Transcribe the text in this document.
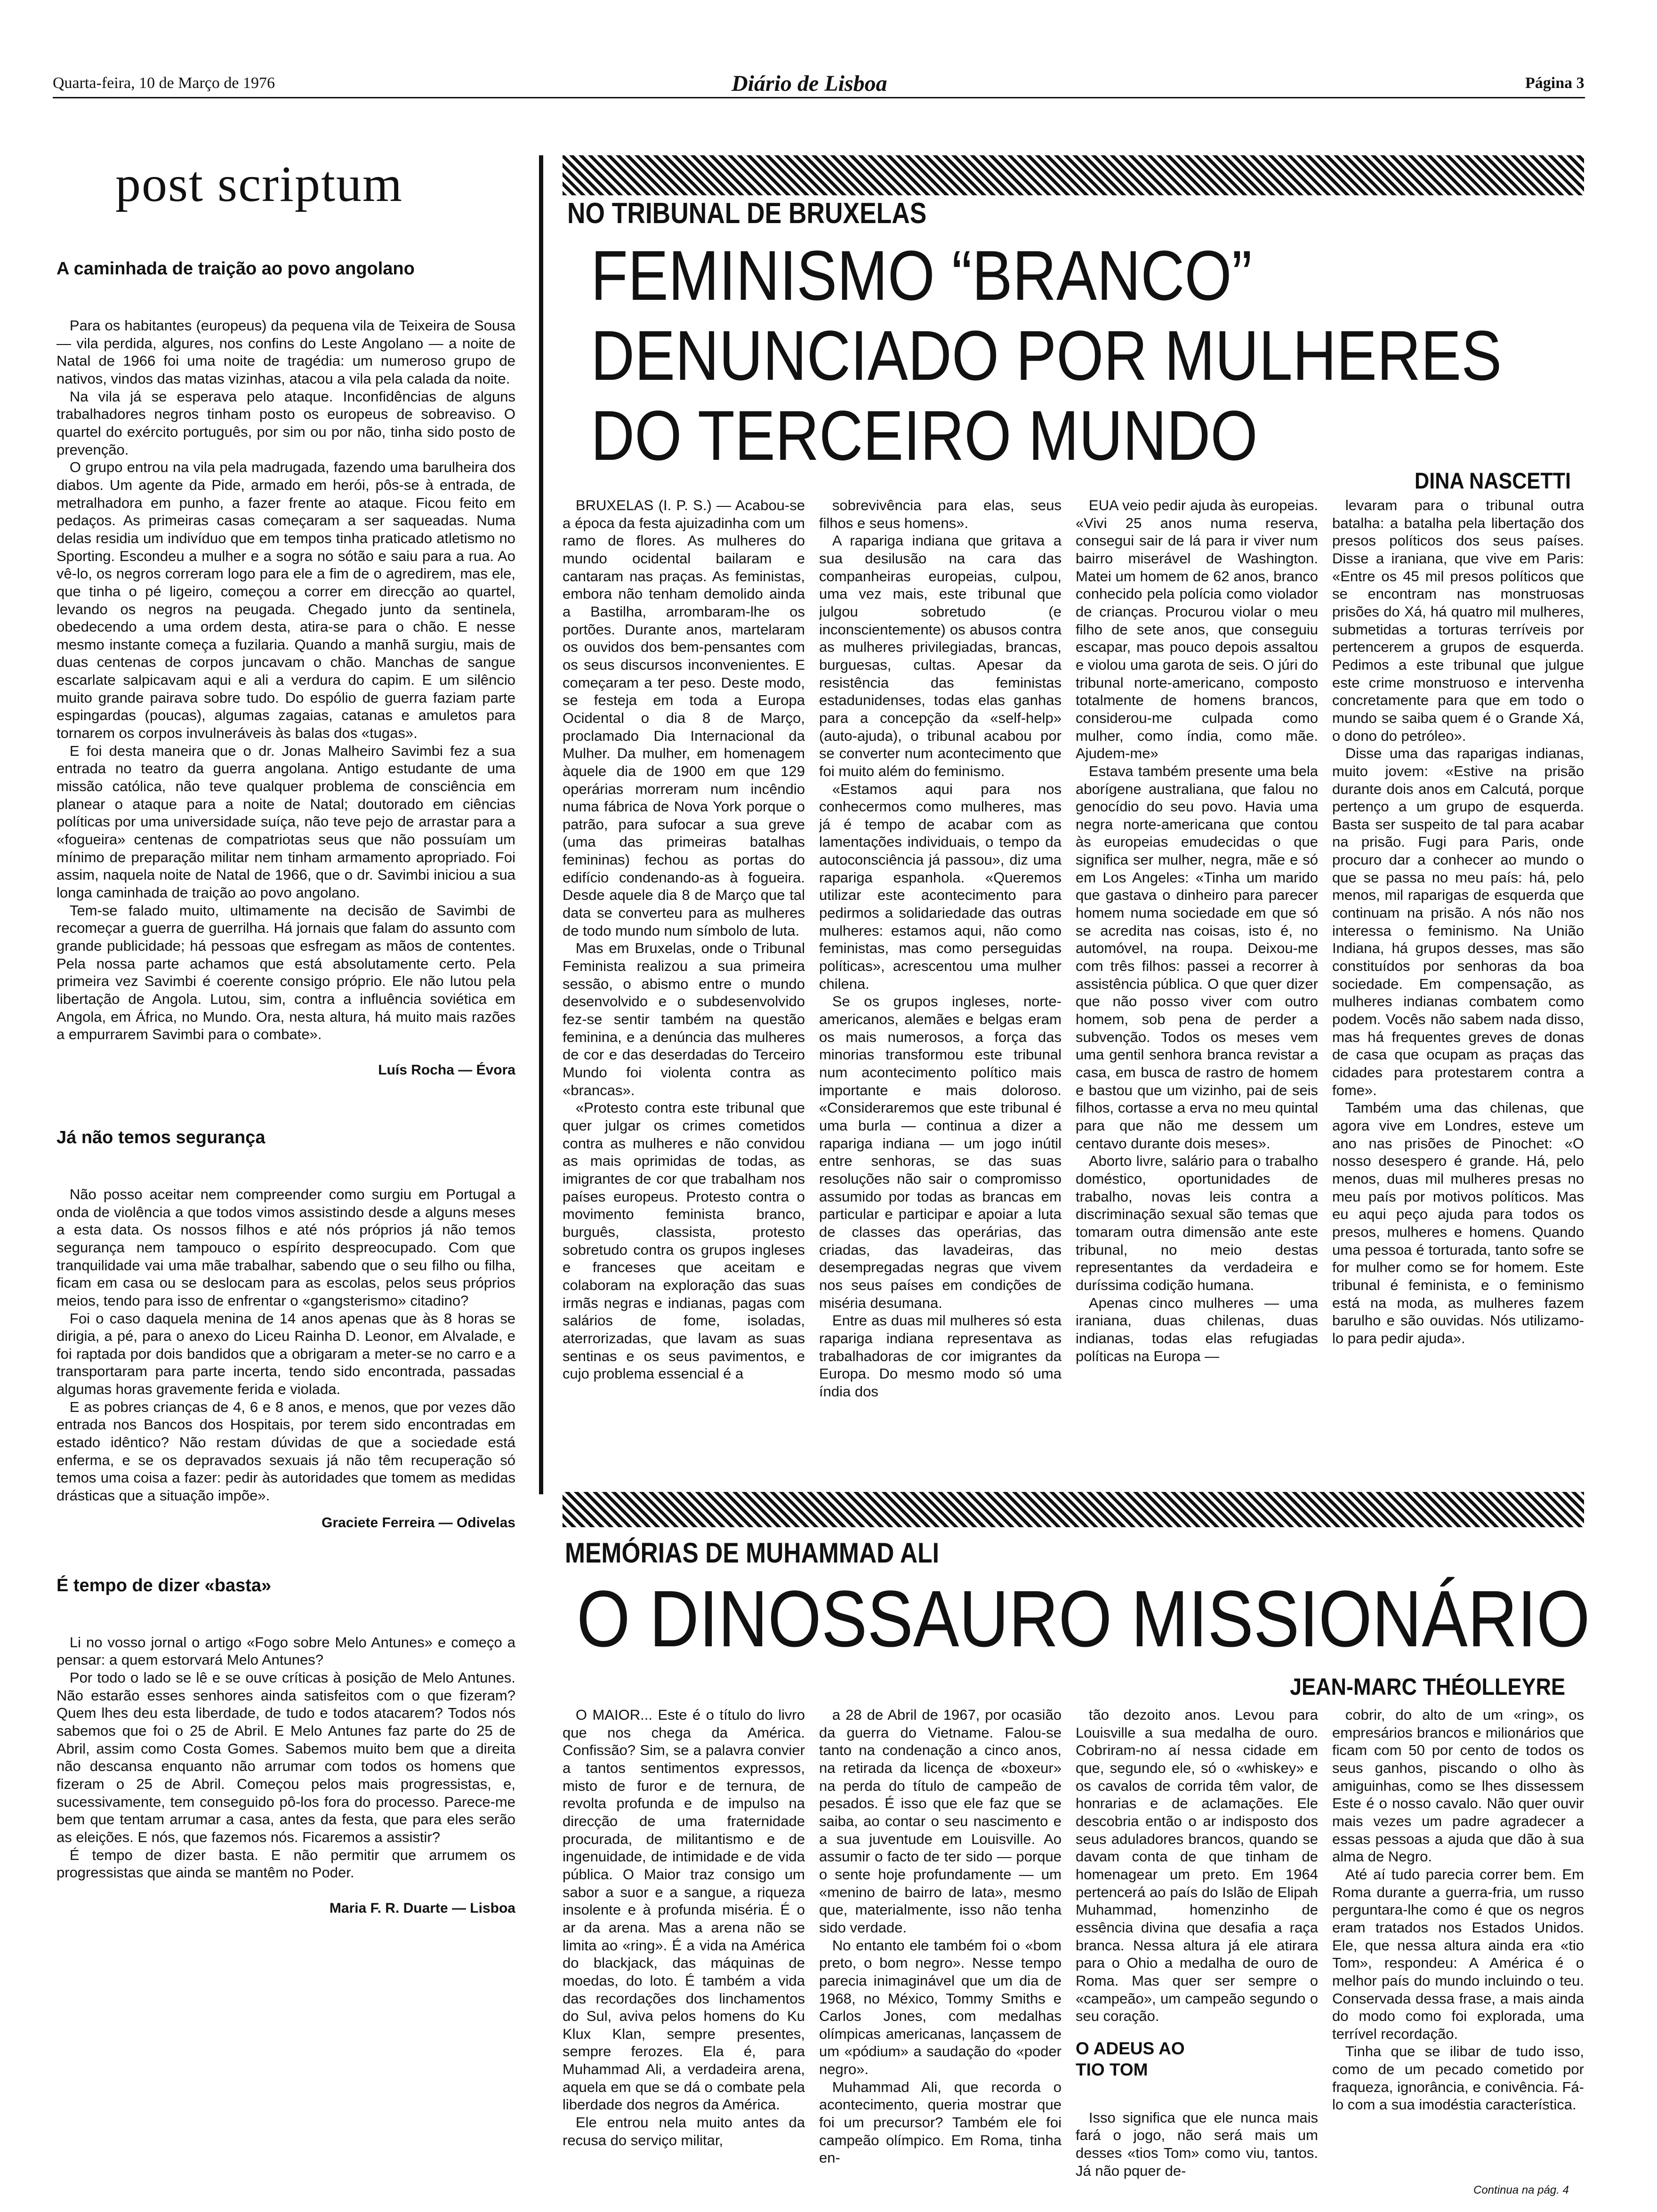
Quarta-feira, 10 de Março de 1976	Diário de Lisboa	Página 3
post scriptum
A caminhada de traição ao povo angolano

Para os habitantes (europeus) da pequena vila de Teixeira de Sousa — vila perdida, algures, nos confins do Leste Angolano — a noite de Natal de 1966 foi uma noite de tragédia: um numeroso grupo de nativos, vindos das matas vizinhas, atacou a vila pela calada da noite.

Na vila já se esperava pelo ataque. Inconfidências de alguns trabalhadores negros tinham posto os europeus de sobreaviso. O quartel do exército português, por sim ou por não, tinha sido posto de prevenção.

O grupo entrou na vila pela madrugada, fazendo uma barulheira dos diabos. Um agente da Pide, armado em herói, pôs-se à entrada, de metralhadora em punho, a fazer frente ao ataque. Ficou feito em pedaços. As primeiras casas começaram a ser saqueadas. Numa delas residia um indivíduo que em tempos tinha praticado atletismo no Sporting. Escondeu a mulher e a sogra no sótão e saiu para a rua. Ao vê-lo, os negros correram logo para ele a fim de o agredirem, mas ele, que tinha o pé ligeiro, começou a correr em direcção ao quartel, levando os negros na peugada. Chegado junto da sentinela, obedecendo a uma ordem desta, atira-se para o chão. E nesse mesmo instante começa a fuzilaria. Quando a manhã surgiu, mais de duas centenas de corpos juncavam o chão. Manchas de sangue escarlate salpicavam aqui e ali a verdura do capim. E um silêncio muito grande pairava sobre tudo. Do espólio de guerra faziam parte espingardas (poucas), algumas zagaias, catanas e amuletos para tornarem os corpos invulneráveis às balas dos «tugas».

E foi desta maneira que o dr. Jonas Malheiro Savimbi fez a sua entrada no teatro da guerra angolana. Antigo estudante de uma missão católica, não teve qualquer problema de consciência em planear o ataque para a noite de Natal; doutorado em ciências políticas por uma universidade suíça, não teve pejo de arrastar para a «fogueira» centenas de compatriotas seus que não possuíam um mínimo de preparação militar nem tinham armamento apropriado. Foi assim, naquela noite de Natal de 1966, que o dr. Savimbi iniciou a sua longa caminhada de traição ao povo angolano.

Tem-se falado muito, ultimamente na decisão de Savimbi de recomeçar a guerra de guerrilha. Há jornais que falam do assunto com grande publicidade; há pessoas que esfregam as mãos de contentes. Pela nossa parte achamos que está absolutamente certo. Pela primeira vez Savimbi é coerente consigo próprio. Ele não lutou pela libertação de Angola. Lutou, sim, contra a influência soviética em Angola, em África, no Mundo. Ora, nesta altura, há muito mais razões a empurrarem Savimbi para o combate».

Luís Rocha — Évora
Já não temos segurança

Não posso aceitar nem compreender como surgiu em Portugal a onda de violência a que todos vimos assistindo desde a alguns meses a esta data. Os nossos filhos e até nós próprios já não temos segurança nem tampouco o espírito despreocupado. Com que tranquilidade vai uma mãe trabalhar, sabendo que o seu filho ou filha, ficam em casa ou se deslocam para as escolas, pelos seus próprios meios, tendo para isso de enfrentar o «gangsterismo» citadino?

Foi o caso daquela menina de 14 anos apenas que às 8 horas se dirigia, a pé, para o anexo do Liceu Rainha D. Leonor, em Alvalade, e foi raptada por dois bandidos que a obrigaram a meter-se no carro e a transportaram para parte incerta, tendo sido encontrada, passadas algumas horas gravemente ferida e violada.

E as pobres crianças de 4, 6 e 8 anos, e menos, que por vezes dão entrada nos Bancos dos Hospitais, por terem sido encontradas em estado idêntico? Não restam dúvidas de que a sociedade está enferma, e se os depravados sexuais já não têm recuperação só temos uma coisa a fazer: pedir às autoridades que tomem as medidas drásticas que a situação impõe».

Graciete Ferreira — Odivelas
É tempo de dizer «basta»

Li no vosso jornal o artigo «Fogo sobre Melo Antunes» e começo a pensar: a quem estorvará Melo Antunes?

Por todo o lado se lê e se ouve críticas à posição de Melo Antunes. Não estarão esses senhores ainda satisfeitos com o que fizeram? Quem lhes deu esta liberdade, de tudo e todos atacarem? Todos nós sabemos que foi o 25 de Abril. E Melo Antunes faz parte do 25 de Abril, assim como Costa Gomes. Sabemos muito bem que a direita não descansa enquanto não arrumar com todos os homens que fizeram o 25 de Abril. Começou pelos mais progressistas, e, sucessivamente, tem conseguido pô-los fora do processo. Parece-me bem que tentam arrumar a casa, antes da festa, que para eles serão as eleições. E nós, que fazemos nós. Ficaremos a assistir?

É tempo de dizer basta. E não permitir que arrumem os progressistas que ainda se mantêm no Poder.

Maria F. R. Duarte — Lisboa
NO TRIBUNAL DE BRUXELAS
FEMINISMO “BRANCO”
DENUNCIADO POR MULHERES
DO TERCEIRO MUNDO
DINA NASCETTI

BRUXELAS (I. P. S.) — Acabou-se a época da festa ajuizadinha com um ramo de flores. As mulheres do mundo ocidental bailaram e cantaram nas praças. As feministas, embora não tenham demolido ainda a Bastilha, arrombaram-lhe os portões. Durante anos, martelaram os ouvidos dos bem-pensantes com os seus discursos inconvenientes. E começaram a ter peso. Deste modo, se festeja em toda a Europa Ocidental o dia 8 de Março, proclamado Dia Internacional da Mulher. Da mulher, em homenagem àquele dia de 1900 em que 129 operárias morreram num incêndio numa fábrica de Nova York porque o patrão, para sufocar a sua greve (uma das primeiras batalhas femininas) fechou as portas do edifício condenando-as à fogueira. Desde aquele dia 8 de Março que tal data se converteu para as mulheres de todo mundo num símbolo de luta.

Mas em Bruxelas, onde o Tribunal Feminista realizou a sua primeira sessão, o abismo entre o mundo desenvolvido e o subdesenvolvido fez-se sentir também na questão feminina, e a denúncia das mulheres de cor e das deserdadas do Terceiro Mundo foi violenta contra as «brancas».

«Protesto contra este tribunal que quer julgar os crimes cometidos contra as mulheres e não convidou as mais oprimidas de todas, as imigrantes de cor que trabalham nos países europeus. Protesto contra o movimento feminista branco, burguês, classista, protesto sobretudo contra os grupos ingleses e franceses que aceitam e colaboram na exploração das suas irmãs negras e indianas, pagas com salários de fome, isoladas, aterrorizadas, que lavam as suas sentinas e os seus pavimentos, e cujo problema essencial é a

sobrevivência para elas, seus filhos e seus homens».

A rapariga indiana que gritava a sua desilusão na cara das companheiras europeias, culpou, uma vez mais, este tribunal que julgou sobretudo (e inconscientemente) os abusos contra as mulheres privilegiadas, brancas, burguesas, cultas. Apesar da resistência das feministas estadunidenses, todas elas ganhas para a concepção da «self-help» (auto-ajuda), o tribunal acabou por se converter num acontecimento que foi muito além do feminismo.

«Estamos aqui para nos conhecermos como mulheres, mas já é tempo de acabar com as lamentações individuais, o tempo da autoconsciência já passou», diz uma rapariga espanhola. «Queremos utilizar este acontecimento para pedirmos a solidariedade das outras mulheres: estamos aqui, não como feministas, mas como perseguidas políticas», acrescentou uma mulher chilena.

Se os grupos ingleses, norte-americanos, alemães e belgas eram os mais numerosos, a força das minorias transformou este tribunal num acontecimento político mais importante e mais doloroso. «Consideraremos que este tribunal é uma burla — continua a dizer a rapariga indiana — um jogo inútil entre senhoras, se das suas resoluções não sair o compromisso assumido por todas as brancas em particular e participar e apoiar a luta de classes das operárias, das criadas, das lavadeiras, das desempregadas negras que vivem nos seus países em condições de miséria desumana.

Entre as duas mil mulheres só esta rapariga indiana representava as trabalhadoras de cor imigrantes da Europa. Do mesmo modo só uma índia dos

EUA veio pedir ajuda às europeias. «Vivi 25 anos numa reserva, consegui sair de lá para ir viver num bairro miserável de Washington. Matei um homem de 62 anos, branco conhecido pela polícia como violador de crianças. Procurou violar o meu filho de sete anos, que conseguiu escapar, mas pouco depois assaltou e violou uma garota de seis. O júri do tribunal norte-americano, composto totalmente de homens brancos, considerou-me culpada como mulher, como índia, como mãe. Ajudem-me»

Estava também presente uma bela aborígene australiana, que falou no genocídio do seu povo. Havia uma negra norte-americana que contou às europeias emudecidas o que significa ser mulher, negra, mãe e só em Los Angeles: «Tinha um marido que gastava o dinheiro para parecer homem numa sociedade em que só se acredita nas coisas, isto é, no automóvel, na roupa. Deixou-me com três filhos: passei a recorrer à assistência pública. O que quer dizer que não posso viver com outro homem, sob pena de perder a subvenção. Todos os meses vem uma gentil senhora branca revistar a casa, em busca de rastro de homem e bastou que um vizinho, pai de seis filhos, cortasse a erva no meu quintal para que não me dessem um centavo durante dois meses».

Aborto livre, salário para o trabalho doméstico, oportunidades de trabalho, novas leis contra a discriminação sexual são temas que tomaram outra dimensão ante este tribunal, no meio destas representantes da verdadeira e duríssima codição humana.

Apenas cinco mulheres — uma iraniana, duas chilenas, duas indianas, todas elas refugiadas políticas na Europa —

levaram para o tribunal outra batalha: a batalha pela libertação dos presos políticos dos seus países. Disse a iraniana, que vive em Paris: «Entre os 45 mil presos políticos que se encontram nas monstruosas prisões do Xá, há quatro mil mulheres, submetidas a torturas terríveis por pertencerem a grupos de esquerda. Pedimos a este tribunal que julgue este crime monstruoso e intervenha concretamente para que em todo o mundo se saiba quem é o Grande Xá, o dono do petróleo».

Disse uma das raparigas indianas, muito jovem: «Estive na prisão durante dois anos em Calcutá, porque pertenço a um grupo de esquerda. Basta ser suspeito de tal para acabar na prisão. Fugi para Paris, onde procuro dar a conhecer ao mundo o que se passa no meu país: há, pelo menos, mil raparigas de esquerda que continuam na prisão. A nós não nos interessa o feminismo. Na União Indiana, há grupos desses, mas são constituídos por senhoras da boa sociedade. Em compensação, as mulheres indianas combatem como podem. Vocês não sabem nada disso, mas há frequentes greves de donas de casa que ocupam as praças das cidades para protestarem contra a fome».

Também uma das chilenas, que agora vive em Londres, esteve um ano nas prisões de Pinochet: «O nosso desespero é grande. Há, pelo menos, duas mil mulheres presas no meu país por motivos políticos. Mas eu aqui peço ajuda para todos os presos, mulheres e homens. Quando uma pessoa é torturada, tanto sofre se for mulher como se for homem. Este tribunal é feminista, e o feminismo está na moda, as mulheres fazem barulho e são ouvidas. Nós utilizamo-lo para pedir ajuda».

MEMÓRIAS DE MUHAMMAD ALI
O DINOSSAURO MISSIONÁRIO
JEAN-MARC THÉOLLEYRE

O MAIOR... Este é o título do livro que nos chega da América. Confissão? Sim, se a palavra convier a tantos sentimentos expressos, misto de furor e de ternura, de revolta profunda e de impulso na direcção de uma fraternidade procurada, de militantismo e de ingenuidade, de intimidade e de vida pública. O Maior traz consigo um sabor a suor e a sangue, a riqueza insolente e à profunda miséria. É o ar da arena. Mas a arena não se limita ao «ring». É a vida na América do blackjack, das máquinas de moedas, do loto. É também a vida das recordações dos linchamentos do Sul, aviva pelos homens do Ku Klux Klan, sempre presentes, sempre ferozes. Ela é, para Muhammad Ali, a verdadeira arena, aquela em que se dá o combate pela liberdade dos negros da América.

Ele entrou nela muito antes da recusa do serviço militar,

a 28 de Abril de 1967, por ocasião da guerra do Vietname. Falou-se tanto na condenação a cinco anos, na retirada da licença de «boxeur» na perda do título de campeão de pesados. É isso que ele faz que se saiba, ao contar o seu nascimento e a sua juventude em Louisville. Ao assumir o facto de ter sido — porque o sente hoje profundamente — um «menino de bairro de lata», mesmo que, materialmente, isso não tenha sido verdade.

No entanto ele também foi o «bom preto, o bom negro». Nesse tempo parecia inimaginável que um dia de 1968, no México, Tommy Smiths e Carlos Jones, com medalhas olímpicas americanas, lançassem de um «pódium» a saudação do «poder negro».

Muhammad Ali, que recorda o acontecimento, queria mostrar que foi um precursor? Também ele foi campeão olímpico. Em Roma, tinha en-

tão dezoito anos. Levou para Louisville a sua medalha de ouro. Cobriram-no aí nessa cidade em que, segundo ele, só o «whiskey» e os cavalos de corrida têm valor, de honrarias e de aclamações. Ele descobria então o ar indisposto dos seus aduladores brancos, quando se davam conta de que tinham de homenagear um preto. Em 1964 pertencerá ao país do Islão de Elipah Muhammad, homenzinho de essência divina que desafia a raça branca. Nessa altura já ele atirara para o Ohio a medalha de ouro de Roma. Mas quer ser sempre o «campeão», um campeão segundo o seu coração.

O ADEUS AO TIO TOM

Isso significa que ele nunca mais fará o jogo, não será mais um desses «tios Tom» como viu, tantos. Já não pquer de-

cobrir, do alto de um «ring», os empresários brancos e milionários que ficam com 50 por cento de todos os seus ganhos, piscando o olho às amiguinhas, como se lhes dissessem Este é o nosso cavalo. Não quer ouvir mais vezes um padre agradecer a essas pessoas a ajuda que dão à sua alma de Negro.

Até aí tudo parecia correr bem. Em Roma durante a guerra-fria, um russo perguntara-lhe como é que os negros eram tratados nos Estados Unidos. Ele, que nessa altura ainda era «tio Tom», respondeu: A América é o melhor país do mundo incluindo o teu. Conservada dessa frase, a mais ainda do modo como foi explorada, uma terrível recordação.

Tinha que se ilibar de tudo isso, como de um pecado cometido por fraqueza, ignorância, e conivência. Fá-lo com a sua imodéstia característica.

Continua na pág. 4
